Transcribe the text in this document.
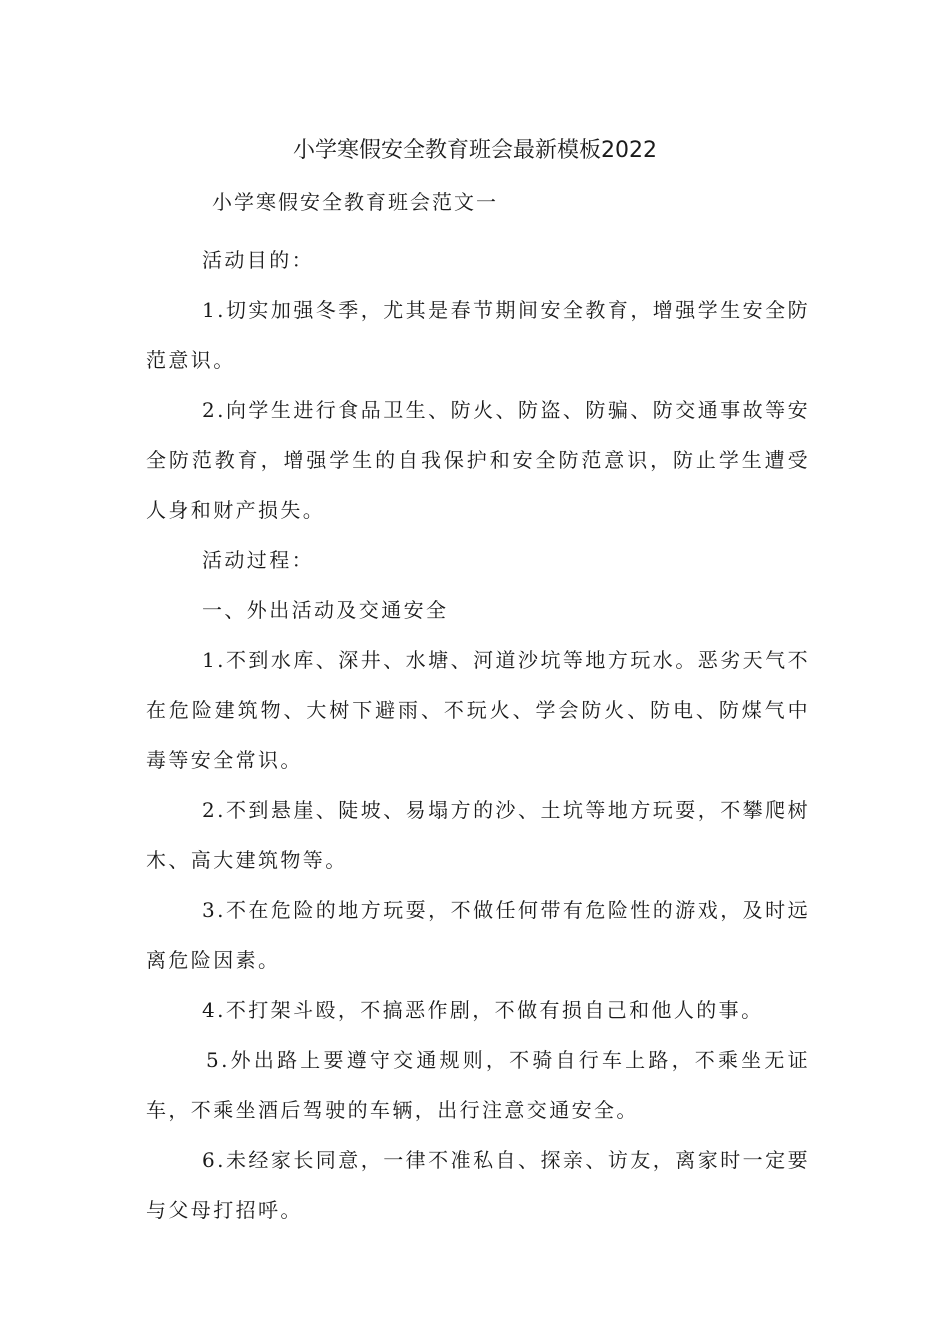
小学寒假安全教育班会最新模板2022
小学寒假安全教育班会范文一

活动目的：

1.切实加强冬季，尤其是春节期间安全教育，增强学生安全防范意识。

2.向学生进行食品卫生、防火、防盗、防骗、防交通事故等安全防范教育，增强学生的自我保护和安全防范意识，防止学生遭受人身和财产损失。

活动过程：

一、外出活动及交通安全

1.不到水库、深井、水塘、河道沙坑等地方玩水。恶劣天气不在危险建筑物、大树下避雨、不玩火、学会防火、防电、防煤气中毒等安全常识。

2.不到悬崖、陡坡、易塌方的沙、土坑等地方玩耍，不攀爬树木、高大建筑物等。

3.不在危险的地方玩耍，不做任何带有危险性的游戏，及时远离危险因素。

4.不打架斗殴，不搞恶作剧，不做有损自己和他人的事。

5.外出路上要遵守交通规则，不骑自行车上路，不乘坐无证车，不乘坐酒后驾驶的车辆，出行注意交通安全。

6.未经家长同意，一律不准私自、探亲、访友，离家时一定要与父母打招呼。
